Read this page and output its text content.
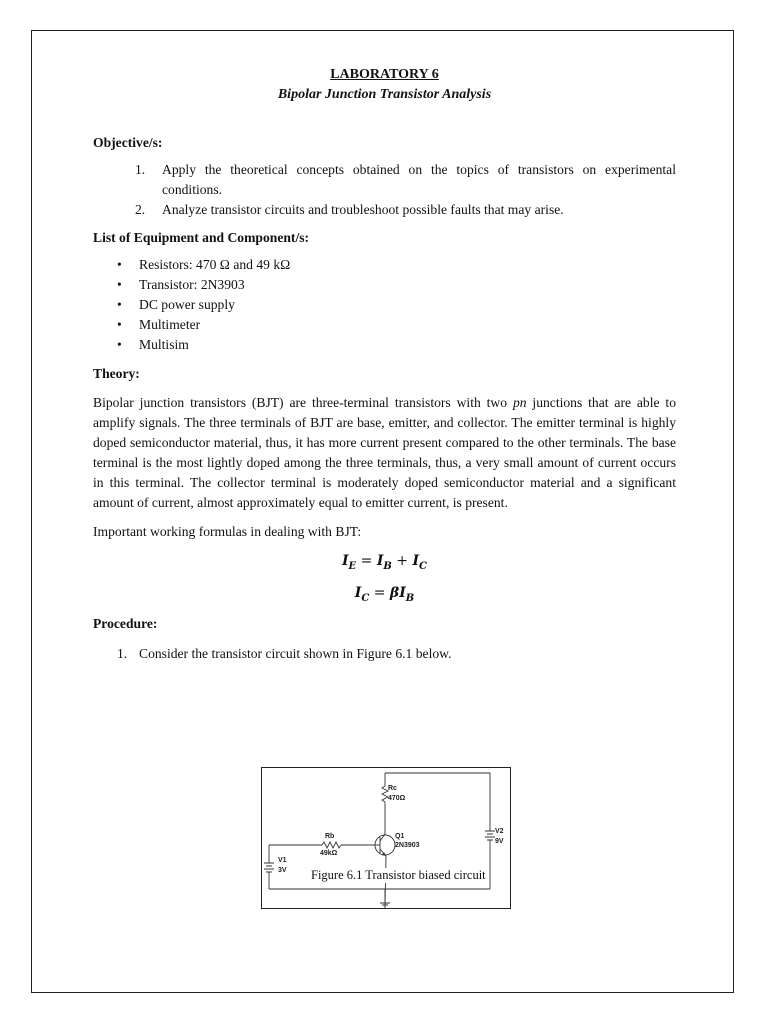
LABORATORY 6
Bipolar Junction Transistor Analysis
Objective/s:
1. Apply the theoretical concepts obtained on the topics of transistors on experimental conditions.
2. Analyze transistor circuits and troubleshoot possible faults that may arise.
List of Equipment and Component/s:
• Resistors: 470 Ω and 49 kΩ
• Transistor: 2N3903
• DC power supply
• Multimeter
• Multisim
Theory:
Bipolar junction transistors (BJT) are three-terminal transistors with two pn junctions that are able to amplify signals. The three terminals of BJT are base, emitter, and collector. The emitter terminal is highly doped semiconductor material, thus, it has more current present compared to the other terminals. The base terminal is the most lightly doped among the three terminals, thus, a very small amount of current occurs in this terminal. The collector terminal is moderately doped semiconductor material and a significant amount of current, almost approximately equal to emitter current, is present.
Important working formulas in dealing with BJT:
$I_E = I_B + I_C$
$I_C = \beta I_B$
Procedure:
1. Consider the transistor circuit shown in Figure 6.1 below.
Rc
470Ω
Rb
49kΩ
Q1
2N3903
V1
3V
V2
9V
Figure 6.1 Transistor biased circuit
